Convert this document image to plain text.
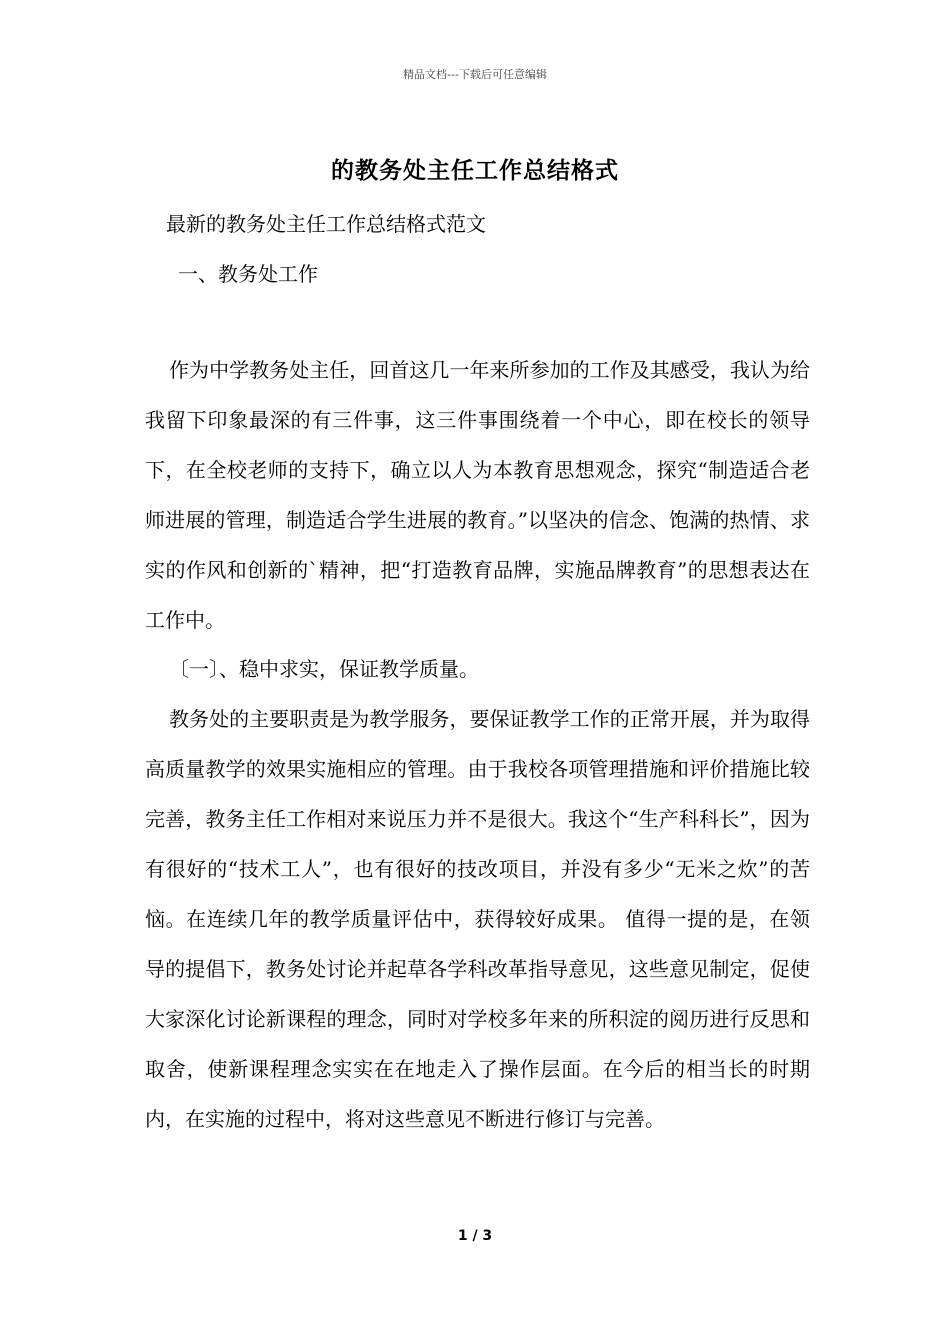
精品文档---下载后可任意编辑
的教务处主任工作总结格式
最新的教务处主任工作总结格式范文
一、教务处工作

作为中学教务处主任，回首这几一年来所参加的工作及其感受，我认为给我留下印象最深的有三件事，这三件事围绕着一个中心，即在校长的领导下，在全校老师的支持下，确立以人为本教育思想观念，探究“制造适合老师进展的管理，制造适合学生进展的教育。”以坚决的信念、饱满的热情、求实的作风和创新的`精神，把“打造教育品牌，实施品牌教育”的思想表达在工作中。

〔一〕、稳中求实，保证教学质量。

教务处的主要职责是为教学服务，要保证教学工作的正常开展，并为取得高质量教学的效果实施相应的管理。由于我校各项管理措施和评价措施比较完善，教务主任工作相对来说压力并不是很大。我这个“生产科科长”，因为有很好的“技术工人”，也有很好的技改项目，并没有多少“无米之炊”的苦恼。在连续几年的教学质量评估中，获得较好成果。 值得一提的是，在领导的提倡下，教务处讨论并起草各学科改革指导意见，这些意见制定，促使大家深化讨论新课程的理念，同时对学校多年来的所积淀的阅历进行反思和取舍，使新课程理念实实在在地走入了操作层面。在今后的相当长的时期内，在实施的过程中，将对这些意见不断进行修订与完善。

1 / 3
